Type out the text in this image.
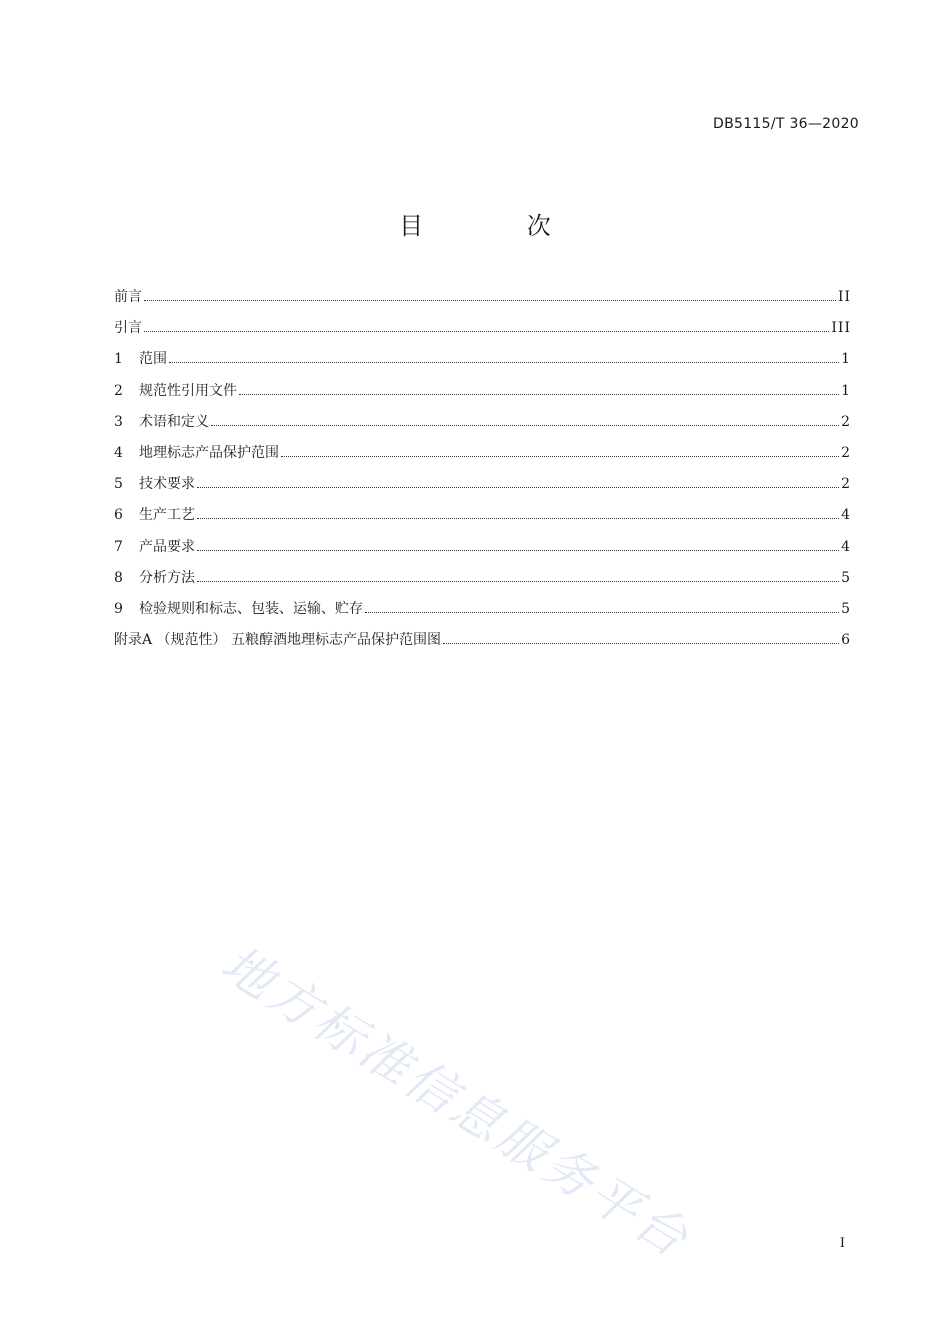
DB5115/T 36—2020
目 次
前言	II
引言	III
1	范围	1
2	规范性引用文件	1
3	术语和定义	2
4	地理标志产品保护范围	2
5	技术要求	2
6	生产工艺	4
7	产品要求	4
8	分析方法	5
9	检验规则和标志、包装、运输、贮存	5
附录A （规范性） 五粮醇酒地理标志产品保护范围图	6
地方标准信息服务平台	I
